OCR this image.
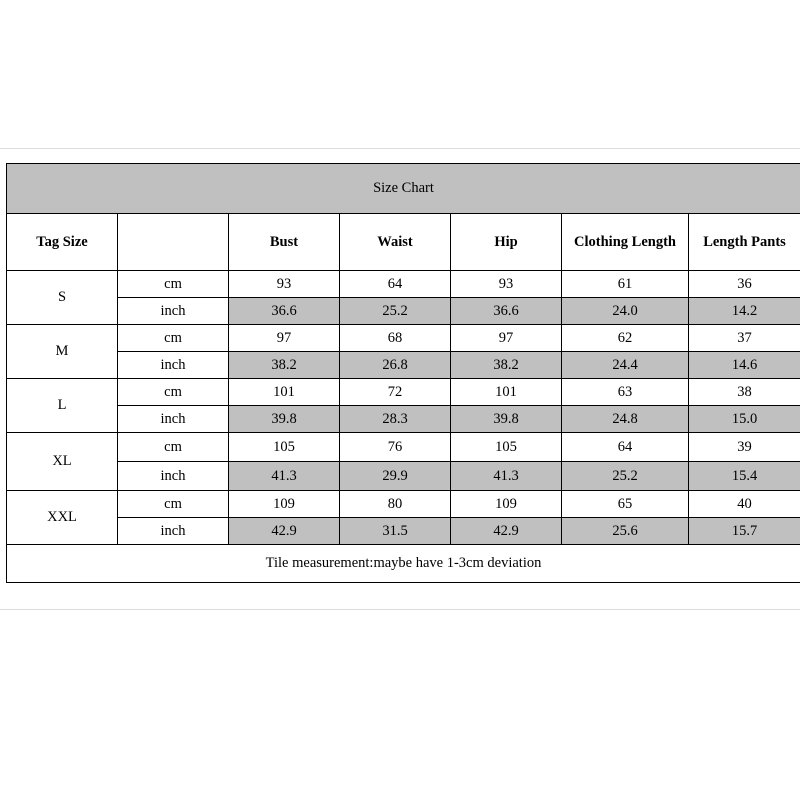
Size Chart						
Tag Size		Bust	Waist	Hip	Clothing Length	Length Pants
S	cm	93	64	93	61	36
	inch	36.6	25.2	36.6	24.0	14.2
M	cm	97	68	97	62	37
	inch	38.2	26.8	38.2	24.4	14.6
L	cm	101	72	101	63	38
	inch	39.8	28.3	39.8	24.8	15.0
XL	cm	105	76	105	64	39
	inch	41.3	29.9	41.3	25.2	15.4
XXL	cm	109	80	109	65	40
	inch	42.9	31.5	42.9	25.6	15.7
Tile measurement:maybe have 1-3cm deviation						
